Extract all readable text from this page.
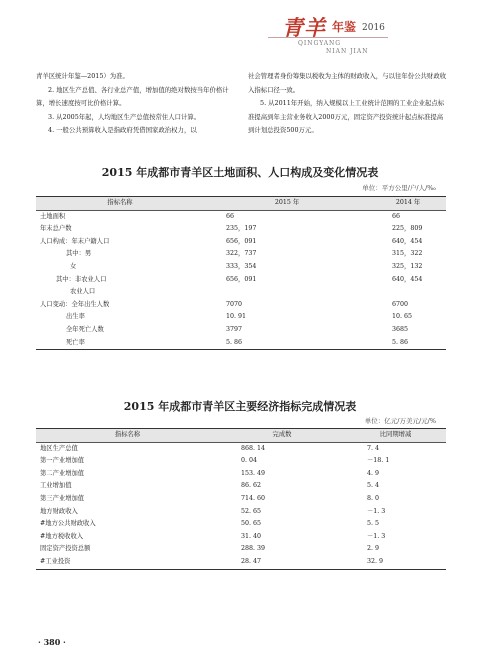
青羊 年鉴 2016
QINGYANG
NIAN JIAN

青羊区统计年鉴—2015）为准。

2. 地区生产总值、各行业总产值，增加值的绝对数按当年价格计算，增长速度按可比价格计算。

3. 从2005年起，人均地区生产总值按常住人口计算。

4. 一般公共预算收入是指政府凭借国家政治权力，以

社会管理者身份筹集以税收为主体的财政收入，与以往年份公共财政收入指标口径一致。

5. 从2011年开始，纳入规模以上工业统计范围的工业企业起点标准提高到年主营业务收入2000万元，固定资产投资统计起点标准提高到计划总投资500万元。

2015 年成都市青羊区土地面积、人口构成及变化情况表
单位：平方公里/户/人/‰
指标名称	2015 年	2014 年
土地面积	66	66
年末总户数	235，197	225，809
人口构成：年末户籍人口	656，091	640，454
其中：男	322，737	315，322
女	333，354	325，132
其中：非农业人口	656，091	640，454
农业人口		
人口变动：全年出生人数	7070	6700
出生率	10. 91	10. 65
全年死亡人数	3797	3685
死亡率	5. 86	5. 86
2015 年成都市青羊区主要经济指标完成情况表
单位：亿元/万美元/元/%
指标名称	完成数	比同期增减
地区生产总值	868. 14	7. 4
第一产业增加值	0. 04	－18. 1
第二产业增加值	153. 49	4. 9
工业增加值	86. 62	5. 4
第三产业增加值	714. 60	8. 0
地方财政收入	52. 65	－1. 3
#地方公共财政收入	50. 65	5. 5
#地方税收收入	31. 40	－1. 3
固定资产投资总额	288. 39	2. 9
#工业投资	28. 47	32. 9
· 380 ·
